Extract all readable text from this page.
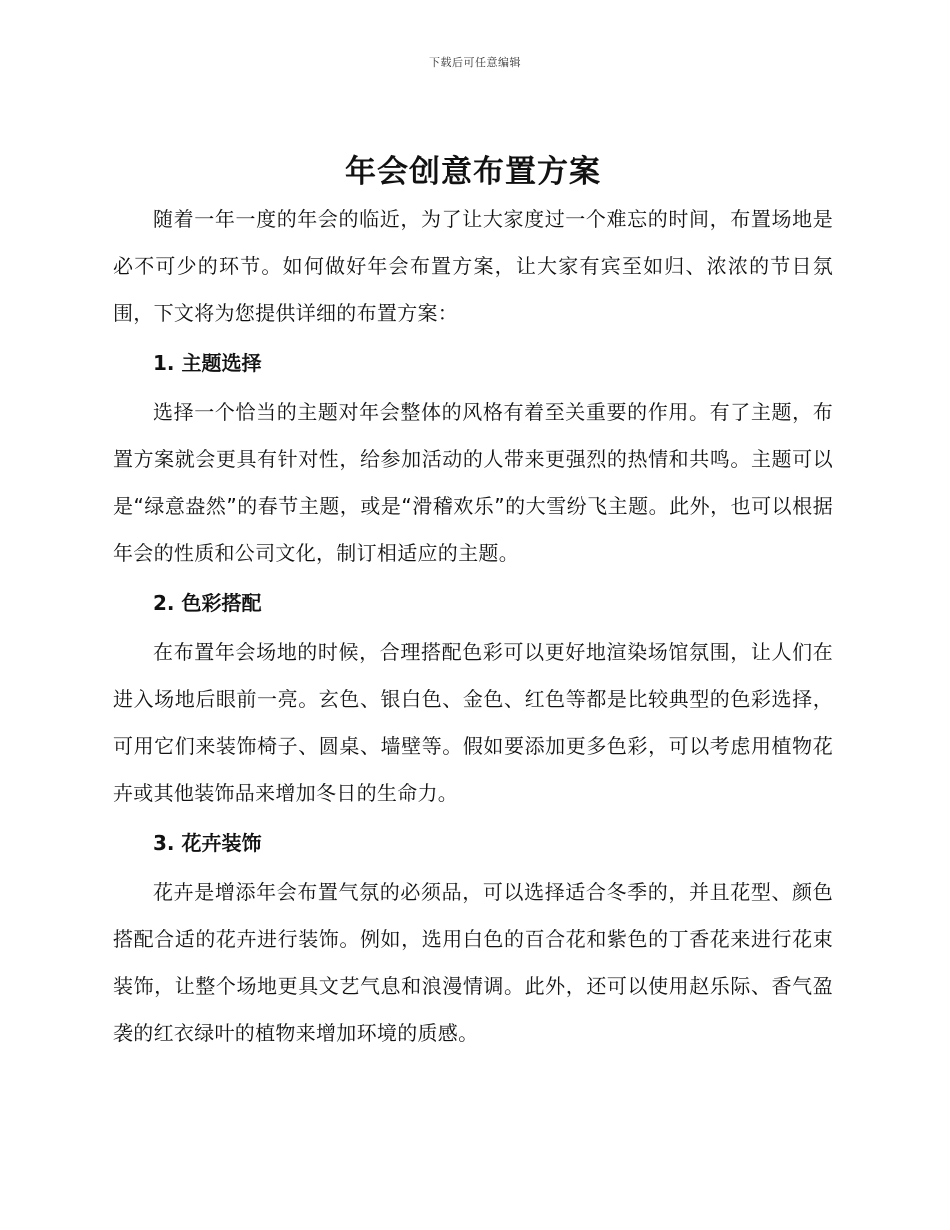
下载后可任意编辑
年会创意布置方案

随着一年一度的年会的临近，为了让大家度过一个难忘的时间，布置场地是必不可少的环节。如何做好年会布置方案，让大家有宾至如归、浓浓的节日氛围，下文将为您提供详细的布置方案：

1. 主题选择

选择一个恰当的主题对年会整体的风格有着至关重要的作用。有了主题，布置方案就会更具有针对性，给参加活动的人带来更强烈的热情和共鸣。主题可以是“绿意盎然”的春节主题，或是“滑稽欢乐”的大雪纷飞主题。此外，也可以根据年会的性质和公司文化，制订相适应的主题。

2. 色彩搭配

在布置年会场地的时候，合理搭配色彩可以更好地渲染场馆氛围，让人们在进入场地后眼前一亮。玄色、银白色、金色、红色等都是比较典型的色彩选择，可用它们来装饰椅子、圆桌、墙壁等。假如要添加更多色彩，可以考虑用植物花卉或其他装饰品来增加冬日的生命力。

3. 花卉装饰

花卉是增添年会布置气氛的必须品，可以选择适合冬季的，并且花型、颜色搭配合适的花卉进行装饰。例如，选用白色的百合花和紫色的丁香花来进行花束装饰，让整个场地更具文艺气息和浪漫情调。此外，还可以使用赵乐际、香气盈袭的红衣绿叶的植物来增加环境的质感。
